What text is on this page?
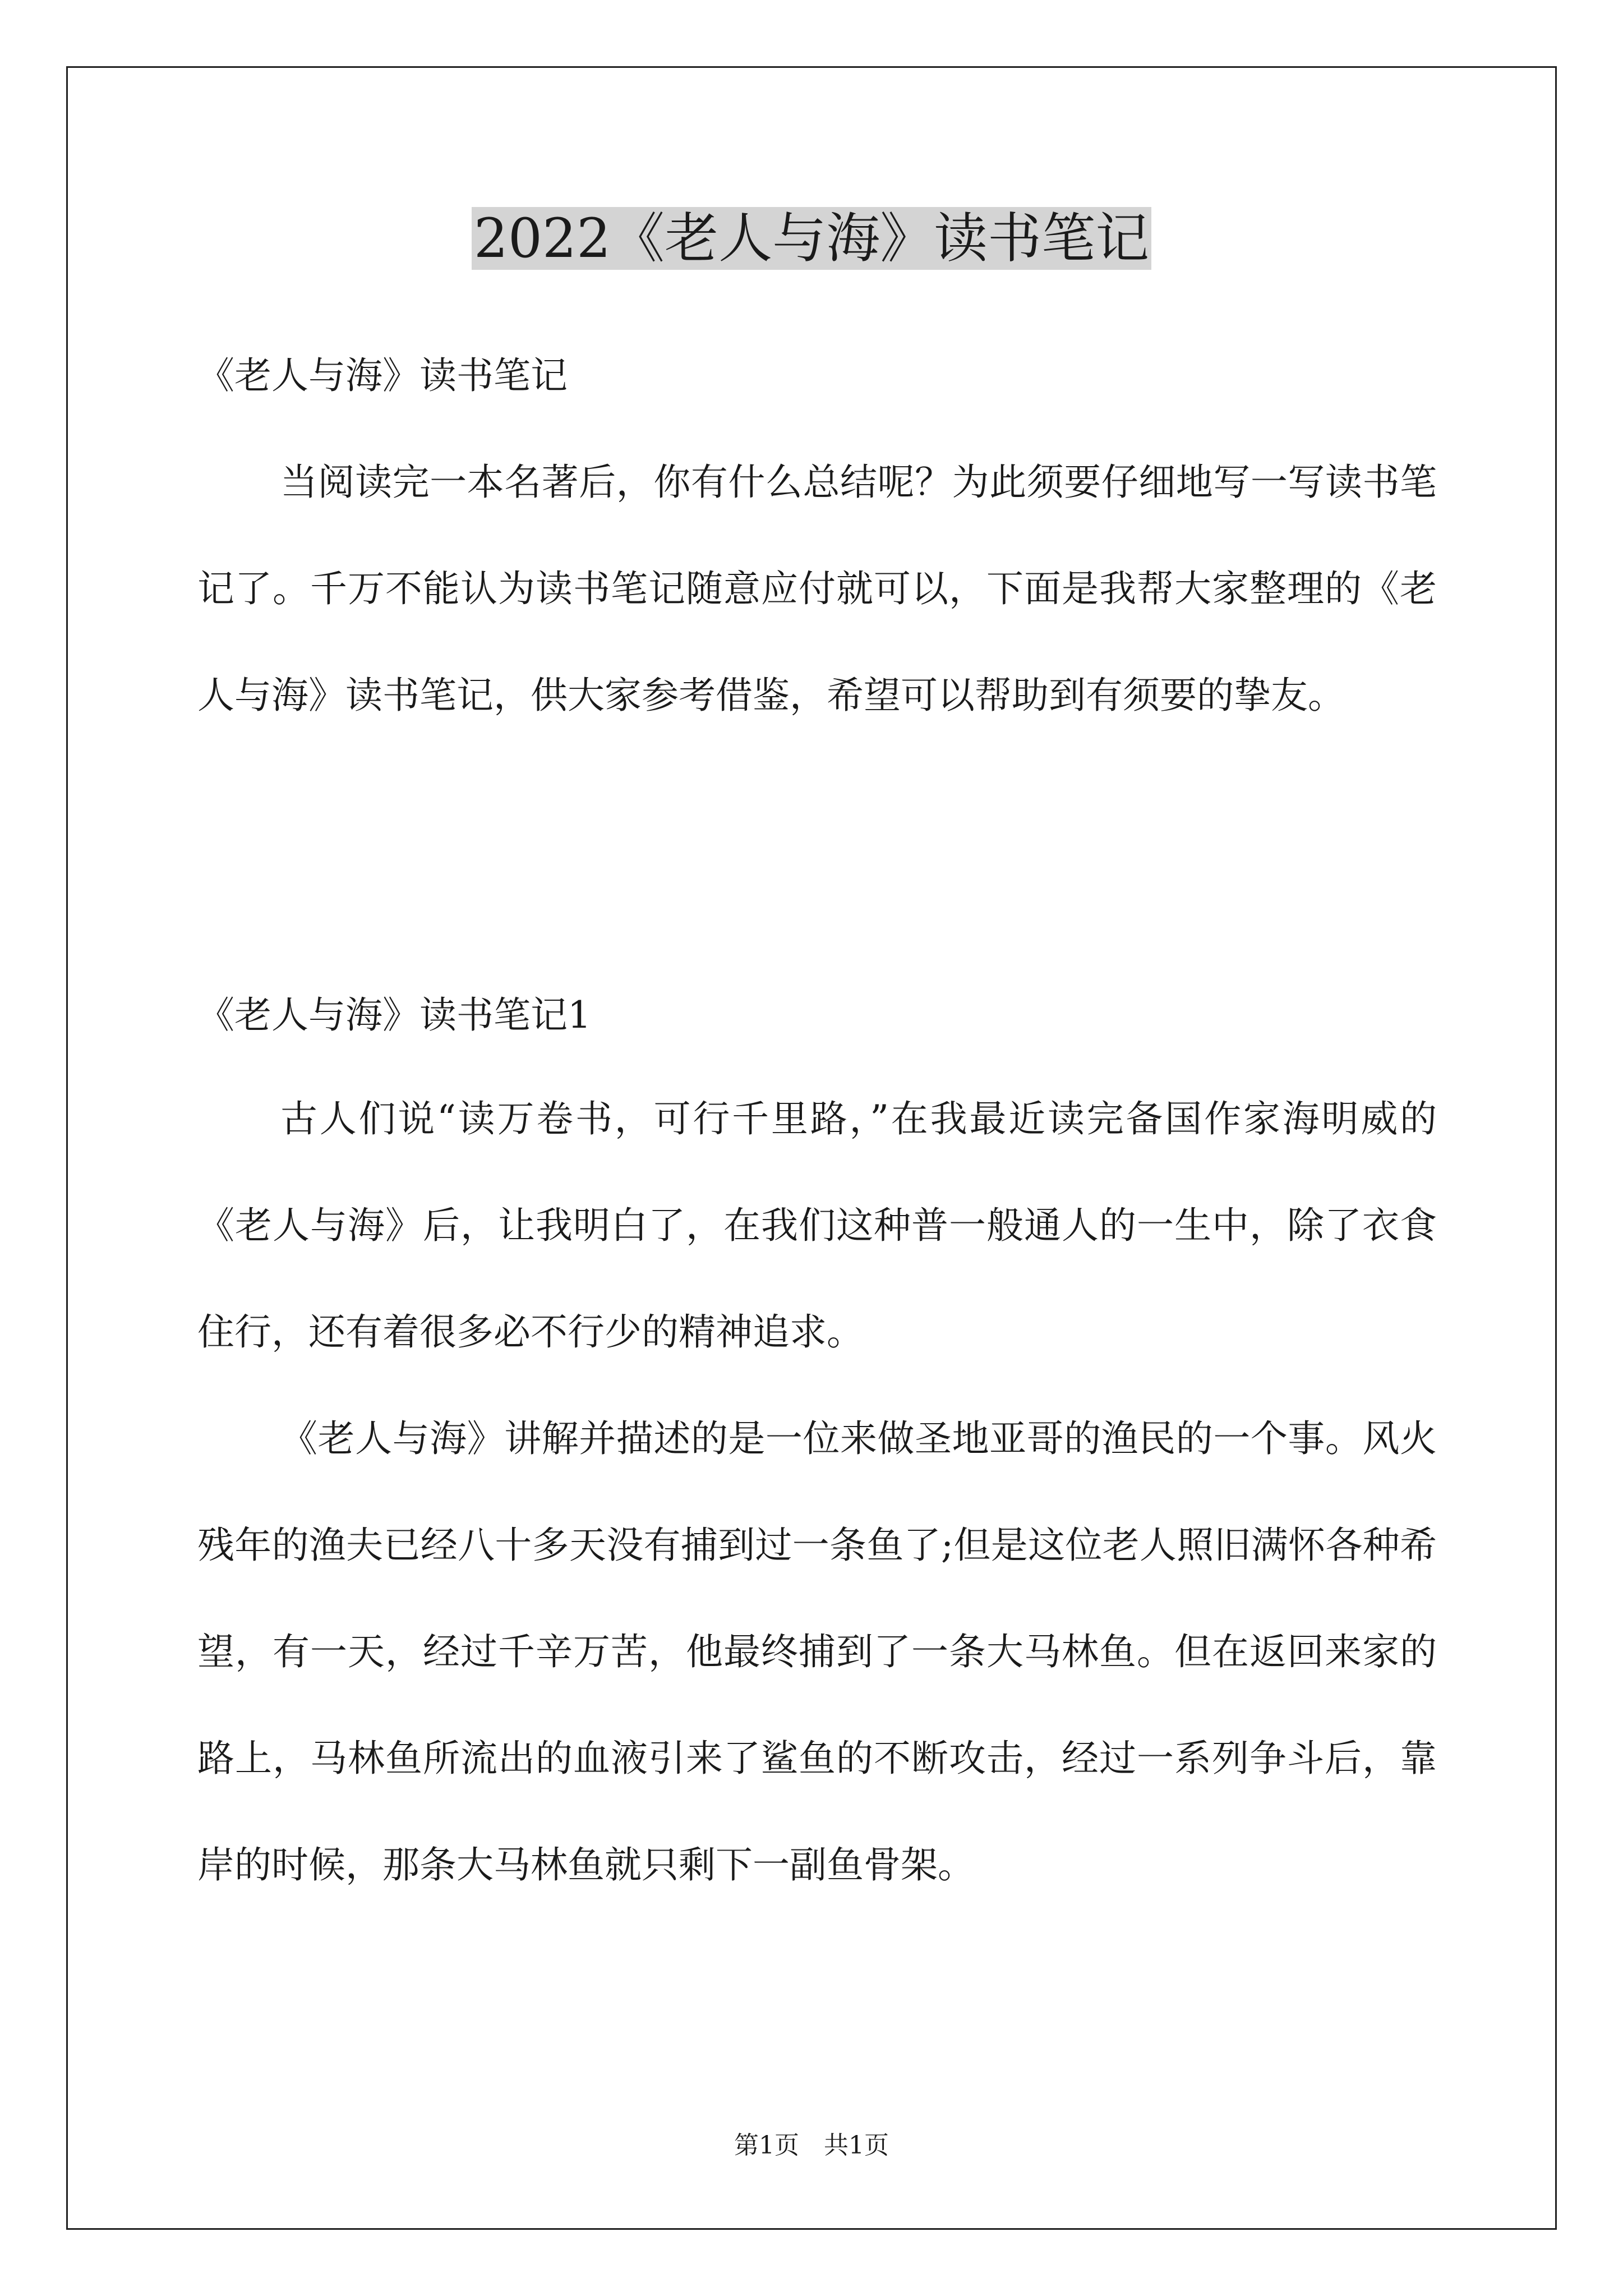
2022《老人与海》读书笔记

《老人与海》读书笔记

当阅读完一本名著后，你有什么总结呢？为此须要仔细地写一写读书笔记了。千万不能认为读书笔记随意应付就可以，下面是我帮大家整理的《老人与海》读书笔记，供大家参考借鉴，希望可以帮助到有须要的挚友。

《老人与海》读书笔记1

古人们说“读万卷书，可行千里路，”在我最近读完备国作家海明威的《老人与海》后，让我明白了，在我们这种普一般通人的一生中，除了衣食住行，还有着很多必不行少的精神追求。

《老人与海》讲解并描述的是一位来做圣地亚哥的渔民的一个事。风火残年的渔夫已经八十多天没有捕到过一条鱼了;但是这位老人照旧满怀各种希望，有一天，经过千辛万苦，他最终捕到了一条大马林鱼。但在返回来家的路上，马林鱼所流出的血液引来了鲨鱼的不断攻击，经过一系列争斗后，靠岸的时候，那条大马林鱼就只剩下一副鱼骨架。

第1页　共1页
